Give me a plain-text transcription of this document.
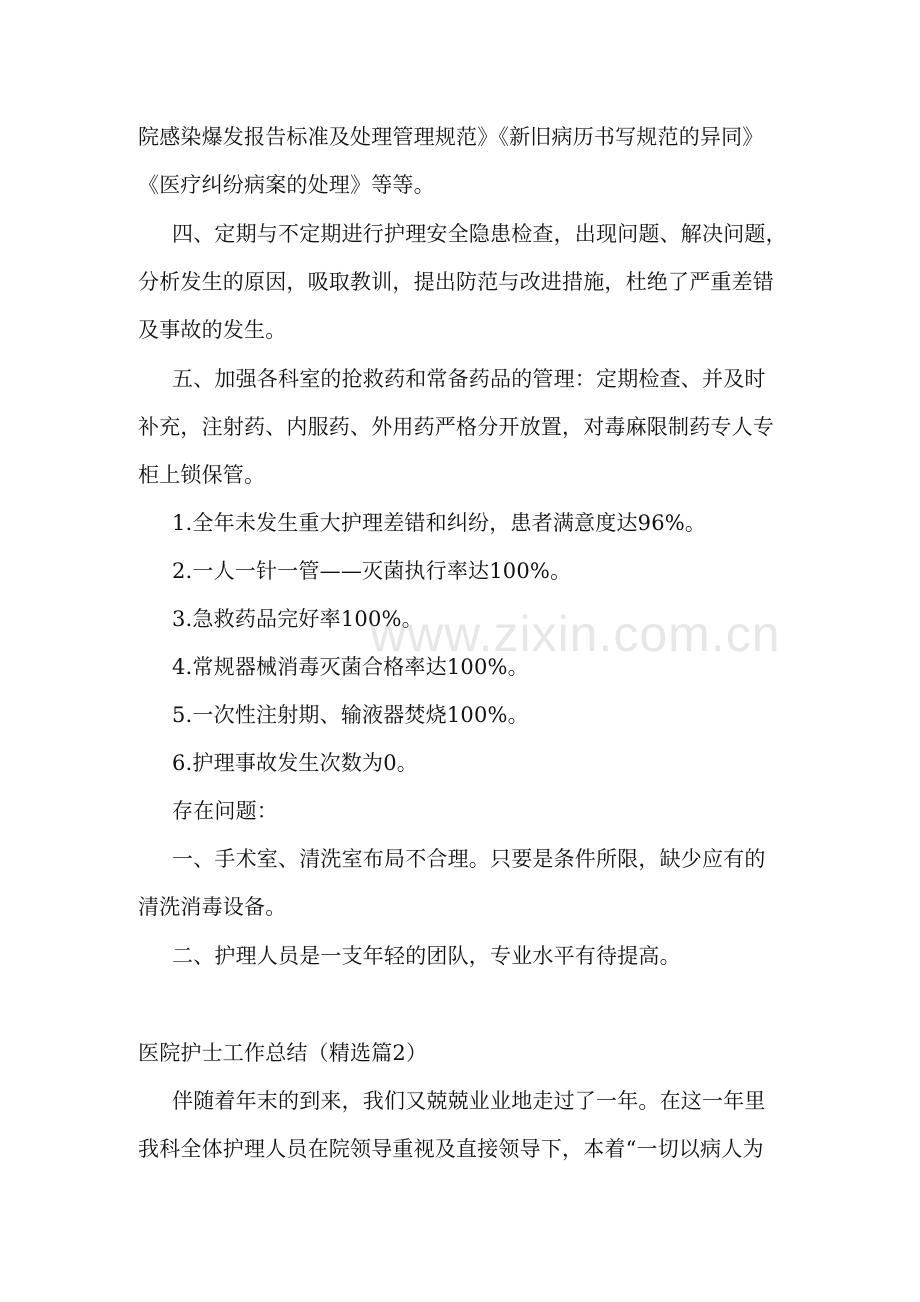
院感染爆发报告标准及处理管理规范》《新旧病历书写规范的异同》
《医疗纠纷病案的处理》等等。
四、定期与不定期进行护理安全隐患检查，出现问题、解决问题，
分析发生的原因，吸取教训，提出防范与改进措施，杜绝了严重差错
及事故的发生。
五、加强各科室的抢救药和常备药品的管理：定期检查、并及时
补充，注射药、内服药、外用药严格分开放置，对毒麻限制药专人专
柜上锁保管。
1.全年未发生重大护理差错和纠纷，患者满意度达96%。
2.一人一针一管——灭菌执行率达100%。
3.急救药品完好率100%。
4.常规器械消毒灭菌合格率达100%。
5.一次性注射期、输液器焚烧100%。
6.护理事故发生次数为0。
存在问题：
一、手术室、清洗室布局不合理。只要是条件所限，缺少应有的
清洗消毒设备。
二、护理人员是一支年轻的团队，专业水平有待提高。
医院护士工作总结（精选篇2）
伴随着年末的到来，我们又兢兢业业地走过了一年。在这一年里
我科全体护理人员在院领导重视及直接领导下，本着“一切以病人为
www.zixin.com.cn
